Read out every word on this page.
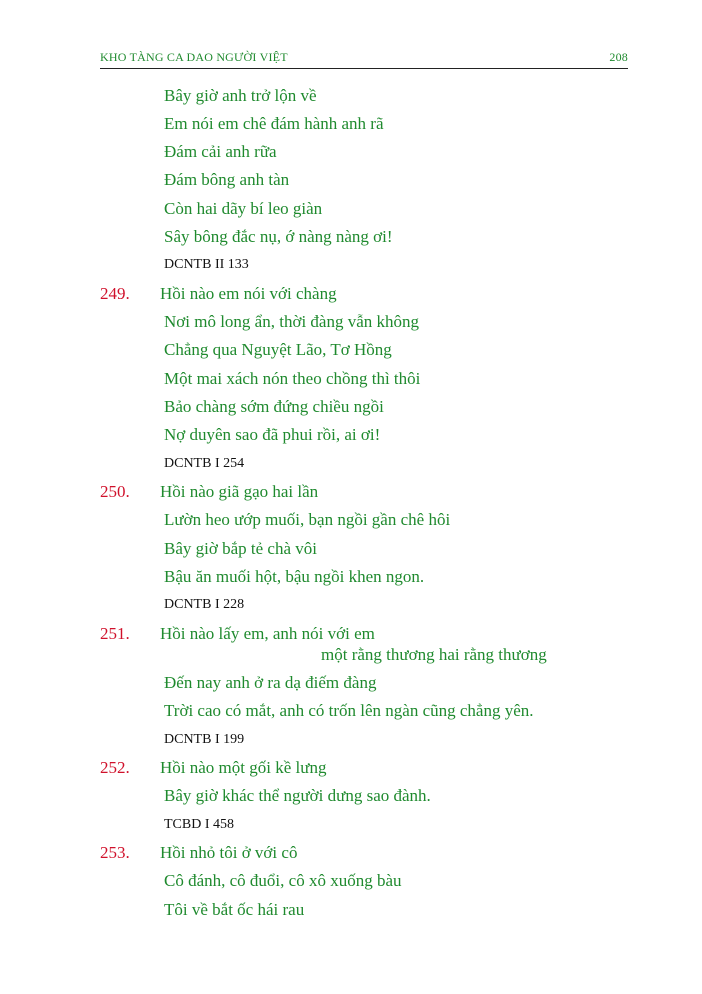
KHO TÀNG CA DAO NGƯỜI VIỆT	208
Bây giờ anh trở lộn về
Em nói em chê đám hành anh rã
Đám cải anh rữa
Đám bông anh tàn
Còn hai dãy bí leo giàn
Sây bông đắc nụ, ớ nàng nàng ơi!
DCNTB II 133
249. Hồi nào em nói với chàng
Nơi mô long ẩn, thời đàng vẫn không
Chẳng qua Nguyệt Lão, Tơ Hồng
Một mai xách nón theo chồng thì thôi
Bảo chàng sớm đứng chiều ngồi
Nợ duyên sao đã phui rồi, ai ơi!
DCNTB I 254
250. Hồi nào giã gạo hai lần
Lườn heo ướp muối, bạn ngồi gần chê hôi
Bây giờ bắp tẻ chà vôi
Bậu ăn muối hột, bậu ngồi khen ngon.
DCNTB I 228
251. Hồi nào lấy em, anh nói với em
một rằng thương hai rằng thương
Đến nay anh ở ra dạ điếm đàng
Trời cao có mắt, anh có trốn lên ngàn cũng chẳng yên.
DCNTB I 199
252. Hồi nào một gối kề lưng
Bây giờ khác thể người dưng sao đành.
TCBD I 458
253. Hồi nhỏ tôi ở với cô
Cô đánh, cô đuổi, cô xô xuống bàu
Tôi về bắt ốc hái rau
